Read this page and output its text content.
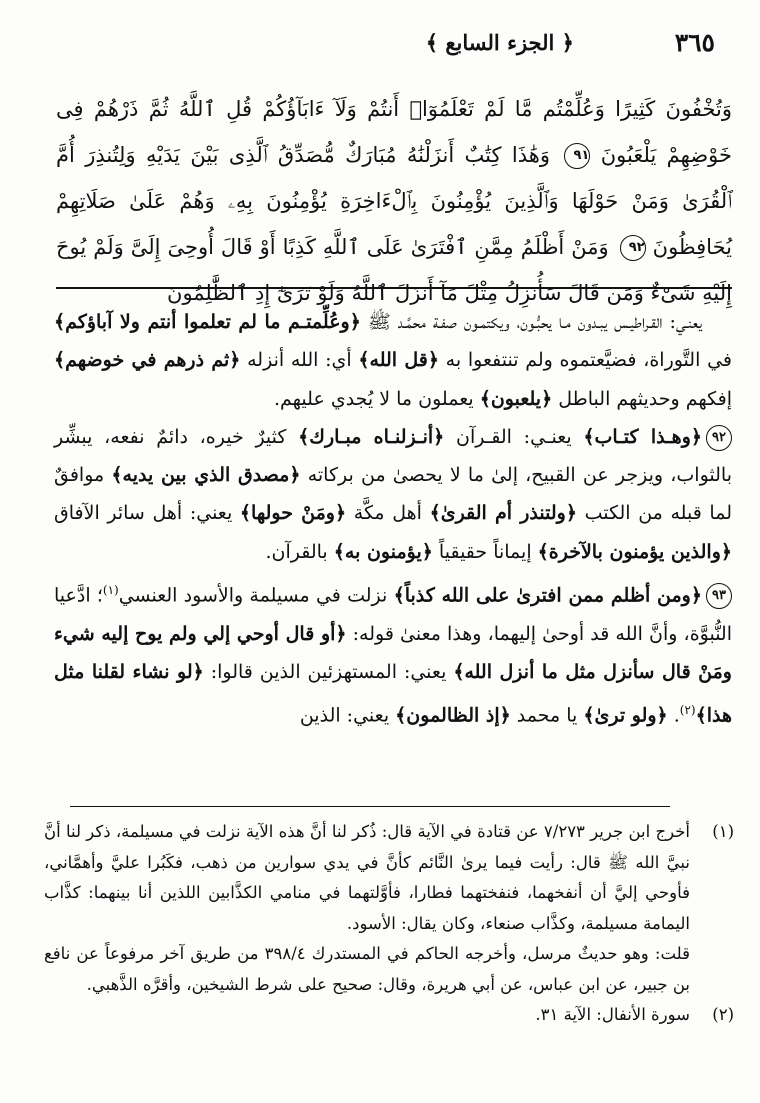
٣٦٥
﴿ الجزء السابع ﴾
وَتُخْفُونَ كَثِيرًا وَعُلِّمْتُم مَّا لَمْ تَعْلَمُوٓا۟ أَنتُمْ وَلَآ ءَابَآؤُكُمْ قُلِ ٱللَّهُ ثُمَّ ذَرْهُمْ فِى خَوْضِهِمْ يَلْعَبُونَ ٩١ وَهَٰذَا كِتَٰبٌ أَنزَلْنَٰهُ مُبَارَكٌ مُّصَدِّقُ ٱلَّذِى بَيْنَ يَدَيْهِ وَلِتُنذِرَ أُمَّ ٱلْقُرَىٰ وَمَنْ حَوْلَهَا وَٱلَّذِينَ يُؤْمِنُونَ بِٱلْءَاخِرَةِ يُؤْمِنُونَ بِهِۦ وَهُمْ عَلَىٰ صَلَاتِهِمْ يُحَافِظُونَ ٩٢ وَمَنْ أَظْلَمُ مِمَّنِ ٱفْتَرَىٰ عَلَى ٱللَّهِ كَذِبًا أَوْ قَالَ أُوحِىَ إِلَىَّ وَلَمْ يُوحَ إِلَيْهِ شَىْءٌ وَمَن قَالَ سَأُنزِلُ مِثْلَ مَآ أَنزَلَ ٱللَّهُ وَلَوْ تَرَىٰٓ إِذِ ٱلظَّٰلِمُونَ

يعنـي: القـراطيـس يبـدون مـا يحبُّـون، ويكتمـون صفـة محمَّـد ﷺ ﴿وعُلِّمتـم ما لم تعلموا أنتم ولا آباؤكم﴾ في التَّوراة، فضيَّعتموه ولم تنتفعوا به ﴿قل الله﴾ أي: الله أنزله ﴿ثم ذرهم في خوضهم﴾ إفكهم وحديثهم الباطل ﴿يلعبون﴾ يعملون ما لا يُجدي عليهم.

٩٢﴿وهـذا كتـاب﴾ يعنـي: القـرآن ﴿أنـزلنـاه مبـارك﴾ كثيرٌ خيره، دائمٌ نفعه، يبشِّر بالثواب، ويزجر عن القبيح، إلىٰ ما لا يحصىٰ من بركاته ﴿مصدق الذي بين يديه﴾ موافقٌ لما قبله من الكتب ﴿ولتنذر أم القرىٰ﴾ أهل مكَّة ﴿ومَنْ حولها﴾ يعني: أهل سائر الآفاق ﴿والذين يؤمنون بالآخرة﴾ إيماناً حقيقياً ﴿يؤمنون به﴾ بالقرآن.

٩٣﴿ومن أظلم ممن افترىٰ على الله كذباً﴾ نزلت في مسيلمة والأسود العنسي$^{(١)}$؛ ادَّعيا النُّبوَّة، وأنَّ الله قد أوحىٰ إليهما، وهذا معنىٰ قوله: ﴿أو قال أوحي إلي ولم يوح إليه شيء ومَنْ قال سأنزل مثل ما أنزل الله﴾ يعني: المستهزئين الذين قالوا: ﴿لو نشاء لقلنا مثل هذا﴾$^{(٢)}$. ﴿ولو ترىٰ﴾ يا محمد ﴿إذ الظالمون﴾ يعني: الذين

(١)

أخرج ابن جرير ٧/٢٧٣ عن قتادة في الآية قال: ذُكر لنا أنَّ هذه الآية نزلت في مسيلمة، ذكر لنا أنَّ نبيَّ الله ﷺ قال: رأيت فيما يرىٰ النَّائم كأنَّ في يدي سوارين من ذهب، فكَبُرا عليَّ وأهمَّاني، فأوحي إليَّ أن أنفخهما، فنفختهما فطارا، فأوَّلتهما في منامي الكذَّابين اللذين أنا بينهما: كذَّاب اليمامة مسيلمة، وكذَّاب صنعاء، وكان يقال: الأسود.

قلت: وهو حديثٌ مرسل، وأخرجه الحاكم في المستدرك ٣٩٨/٤ من طريق آخر مرفوعاً عن نافع بن جبير، عن ابن عباس، عن أبي هريرة، وقال: صحيح على شرط الشيخين، وأقرَّه الذَّهبي.

(٢)

سورة الأنفال: الآية ٣١.
